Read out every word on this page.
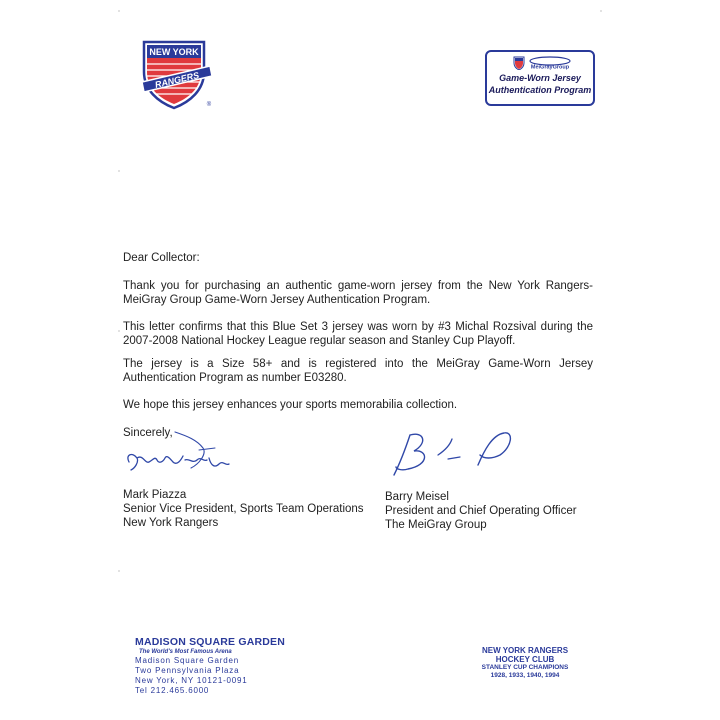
NEW YORK
RANGERS
®
MeiGrayGroup
Game-Worn Jersey
Authentication Program
Dear Collector:
Thank you for purchasing an authentic game-worn jersey from the New York Rangers-MeiGray Group Game-Worn Jersey Authentication Program.
This letter confirms that this Blue Set 3 jersey was worn by #3 Michal Rozsival during the 2007-2008 National Hockey League regular season and Stanley Cup Playoff.
The jersey is a Size 58+ and is registered into the MeiGray Game-Worn Jersey Authentication Program as number E03280.
We hope this jersey enhances your sports memorabilia collection.
Sincerely,
Mark Piazza
Senior Vice President, Sports Team Operations
New York Rangers
Barry Meisel
President and Chief Operating Officer
The MeiGray Group
MADISON SQUARE GARDEN
The World's Most Famous Arena
Madison Square Garden
Two Pennsylvania Plaza
New York, NY 10121-0091
Tel 212.465.6000
NEW YORK RANGERS
HOCKEY CLUB
STANLEY CUP CHAMPIONS
1928, 1933, 1940, 1994
